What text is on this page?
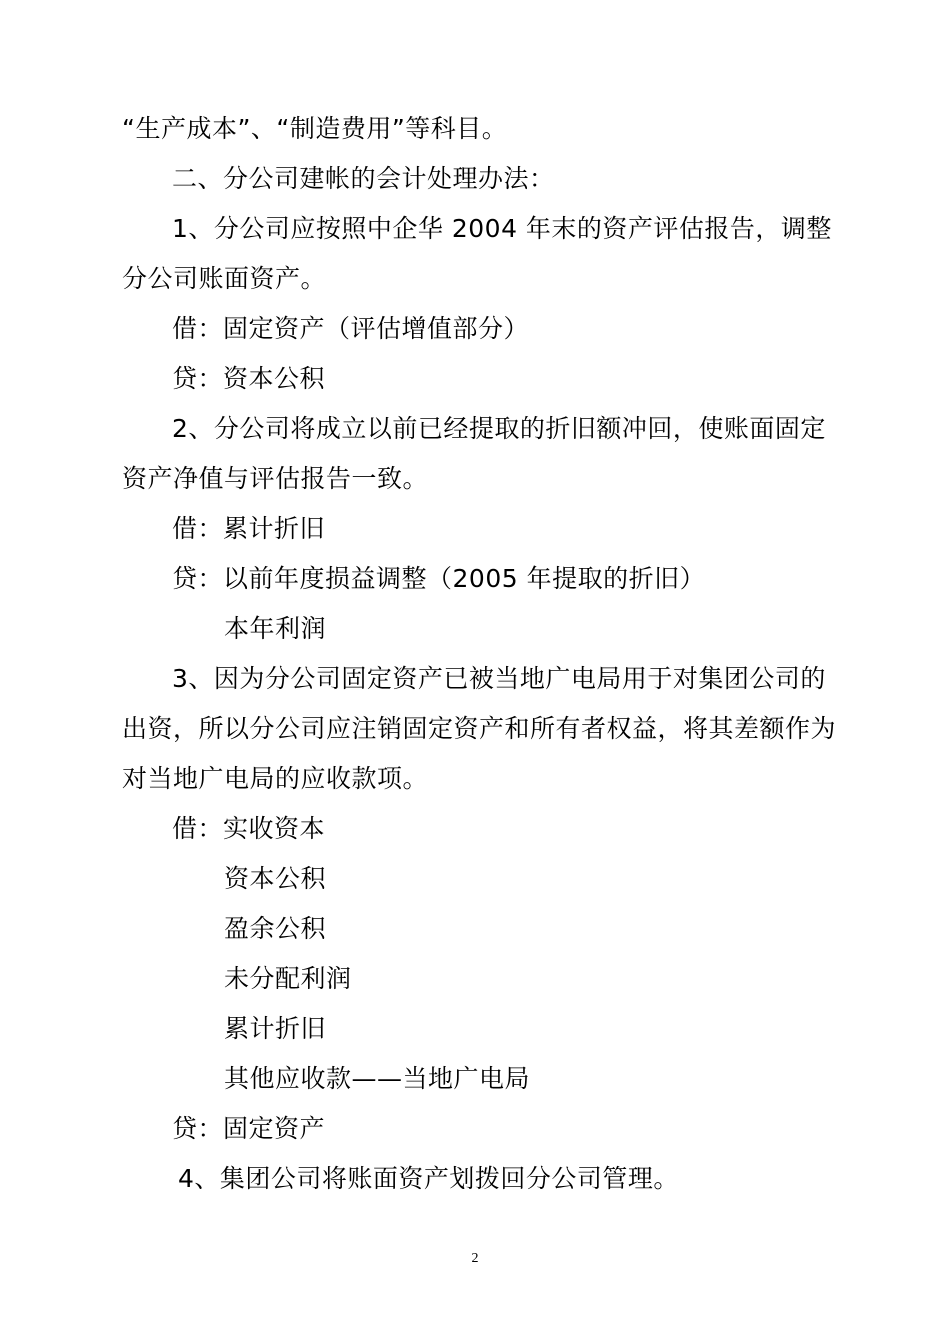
“生产成本”、“制造费用”等科目。
二、分公司建帐的会计处理办法：
1、分公司应按照中企华 2004 年末的资产评估报告，调整
分公司账面资产。
借：固定资产（评估增值部分）
贷：资本公积
2、分公司将成立以前已经提取的折旧额冲回，使账面固定
资产净值与评估报告一致。
借：累计折旧
贷：以前年度损益调整（2005 年提取的折旧）
本年利润
3、因为分公司固定资产已被当地广电局用于对集团公司的
出资，所以分公司应注销固定资产和所有者权益，将其差额作为
对当地广电局的应收款项。
借：实收资本
资本公积
盈余公积
未分配利润
累计折旧
其他应收款——当地广电局
贷：固定资产
4、集团公司将账面资产划拨回分公司管理。
2
